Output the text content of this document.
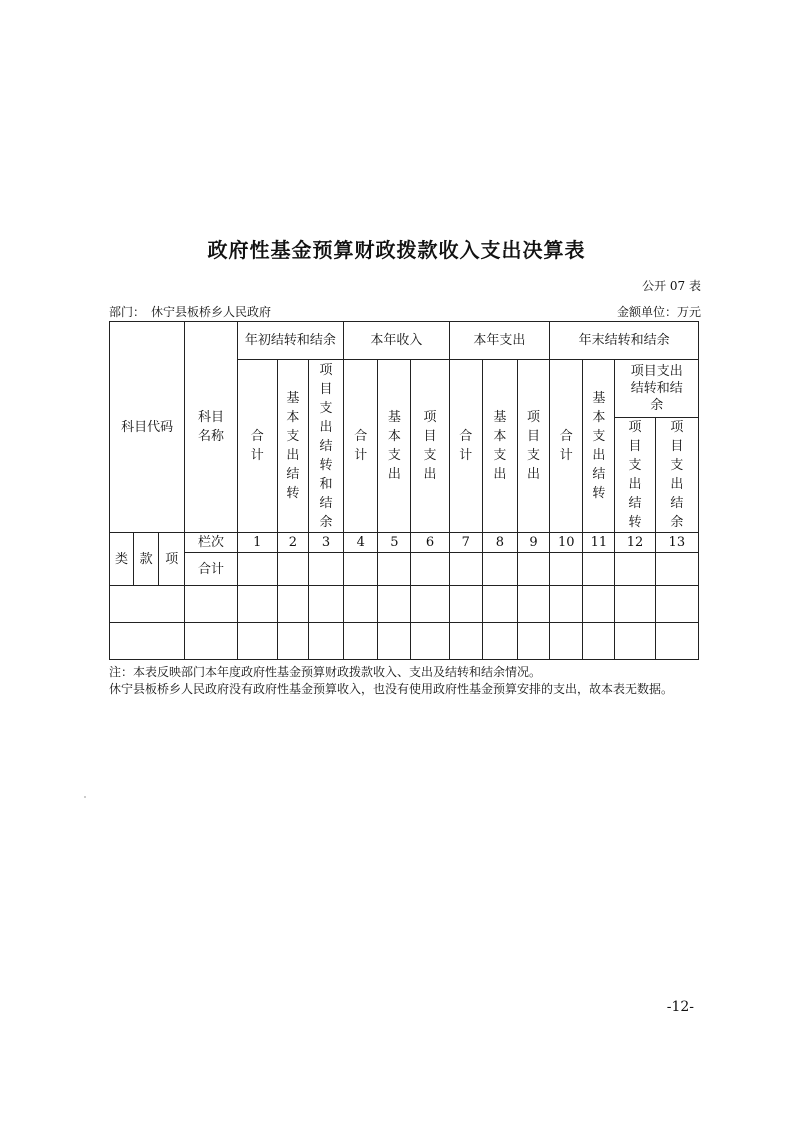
政府性基金预算财政拨款收入支出决算表
公开 07 表
部门：　休宁县板桥乡人民政府	金额单位：万元
科目代码			科目名称	年初结转和结余			本年收入			本年支出			年末结转和结余			
				合计	基本支出结转	项目支出结转和结余	合计	基本支出	项目支出	合计	基本支出	项目支出	合计	基本支出结转	项目支出结转和结余	
															项目支出结转	项目支出结余
类	款	项	栏次	1	2	3	4	5	6	7	8	9	10	11	12	13
			合计													

注：本表反映部门本年度政府性基金预算财政拨款收入、支出及结转和结余情况。
休宁县板桥乡人民政府没有政府性基金预算收入，也没有使用政府性基金预算安排的支出，故本表无数据。
-12-
